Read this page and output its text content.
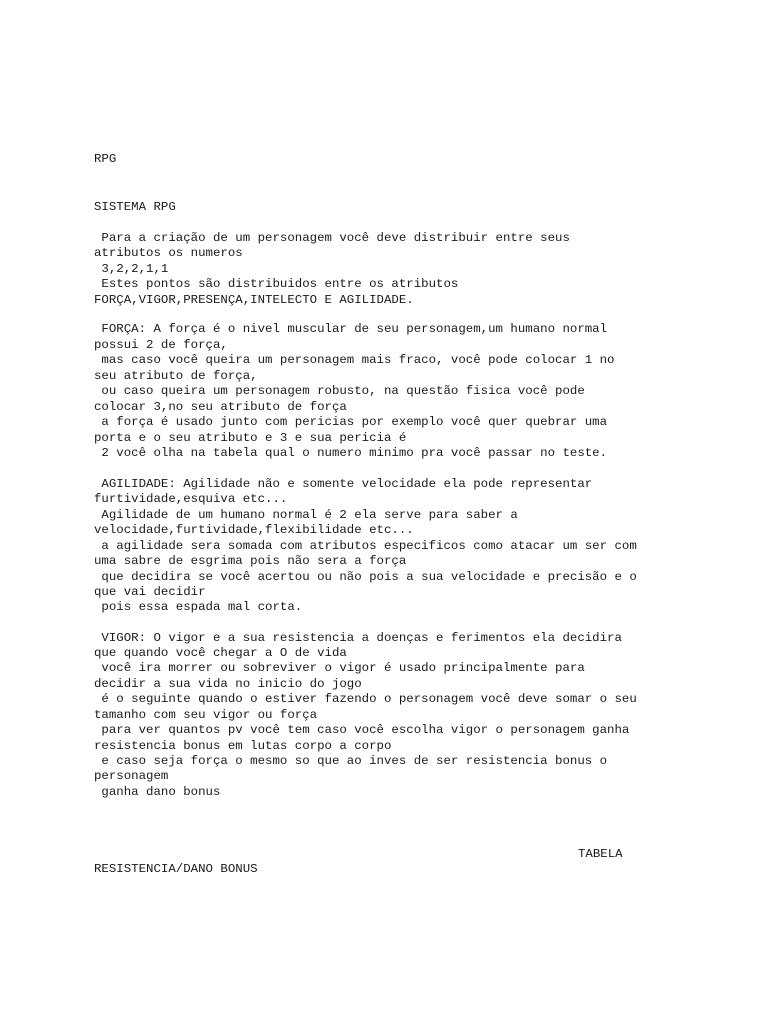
RPG

SISTEMA RPG

Para a criação de um personagem você deve distribuir entre seus

atributos os numeros

3,2,2,1,1

Estes pontos são distribuidos entre os atributos

FORÇA,VIGOR,PRESENÇA,INTELECTO E AGILIDADE.

FORÇA: A força é o nivel muscular de seu personagem,um humano normal

possui 2 de força,

mas caso você queira um personagem mais fraco, você pode colocar 1 no

seu atributo de força,

ou caso queira um personagem robusto, na questão fisica você pode

colocar 3,no seu atributo de força

a força é usado junto com pericias por exemplo você quer quebrar uma

porta e o seu atributo e 3 e sua pericia é

2 você olha na tabela qual o numero minimo pra você passar no teste.

AGILIDADE: Agilidade não e somente velocidade ela pode representar

furtividade,esquiva etc...

Agilidade de um humano normal é 2 ela serve para saber a

velocidade,furtividade,flexibilidade etc...

a agilidade sera somada com atributos especificos como atacar um ser com

uma sabre de esgrima pois não sera a força

que decidira se você acertou ou não pois a sua velocidade e precisão e o

que vai decidir

pois essa espada mal corta.

VIGOR: O vigor e a sua resistencia a doenças e ferimentos ela decidira

que quando você chegar a O de vida

você ira morrer ou sobreviver o vigor é usado principalmente para

decidir a sua vida no inicio do jogo

é o seguinte quando o estiver fazendo o personagem você deve somar o seu

tamanho com seu vigor ou força

para ver quantos pv você tem caso você escolha vigor o personagem ganha

resistencia bonus em lutas corpo a corpo

e caso seja força o mesmo so que ao inves de ser resistencia bonus o

personagem

ganha dano bonus

TABELA

RESISTENCIA/DANO BONUS
